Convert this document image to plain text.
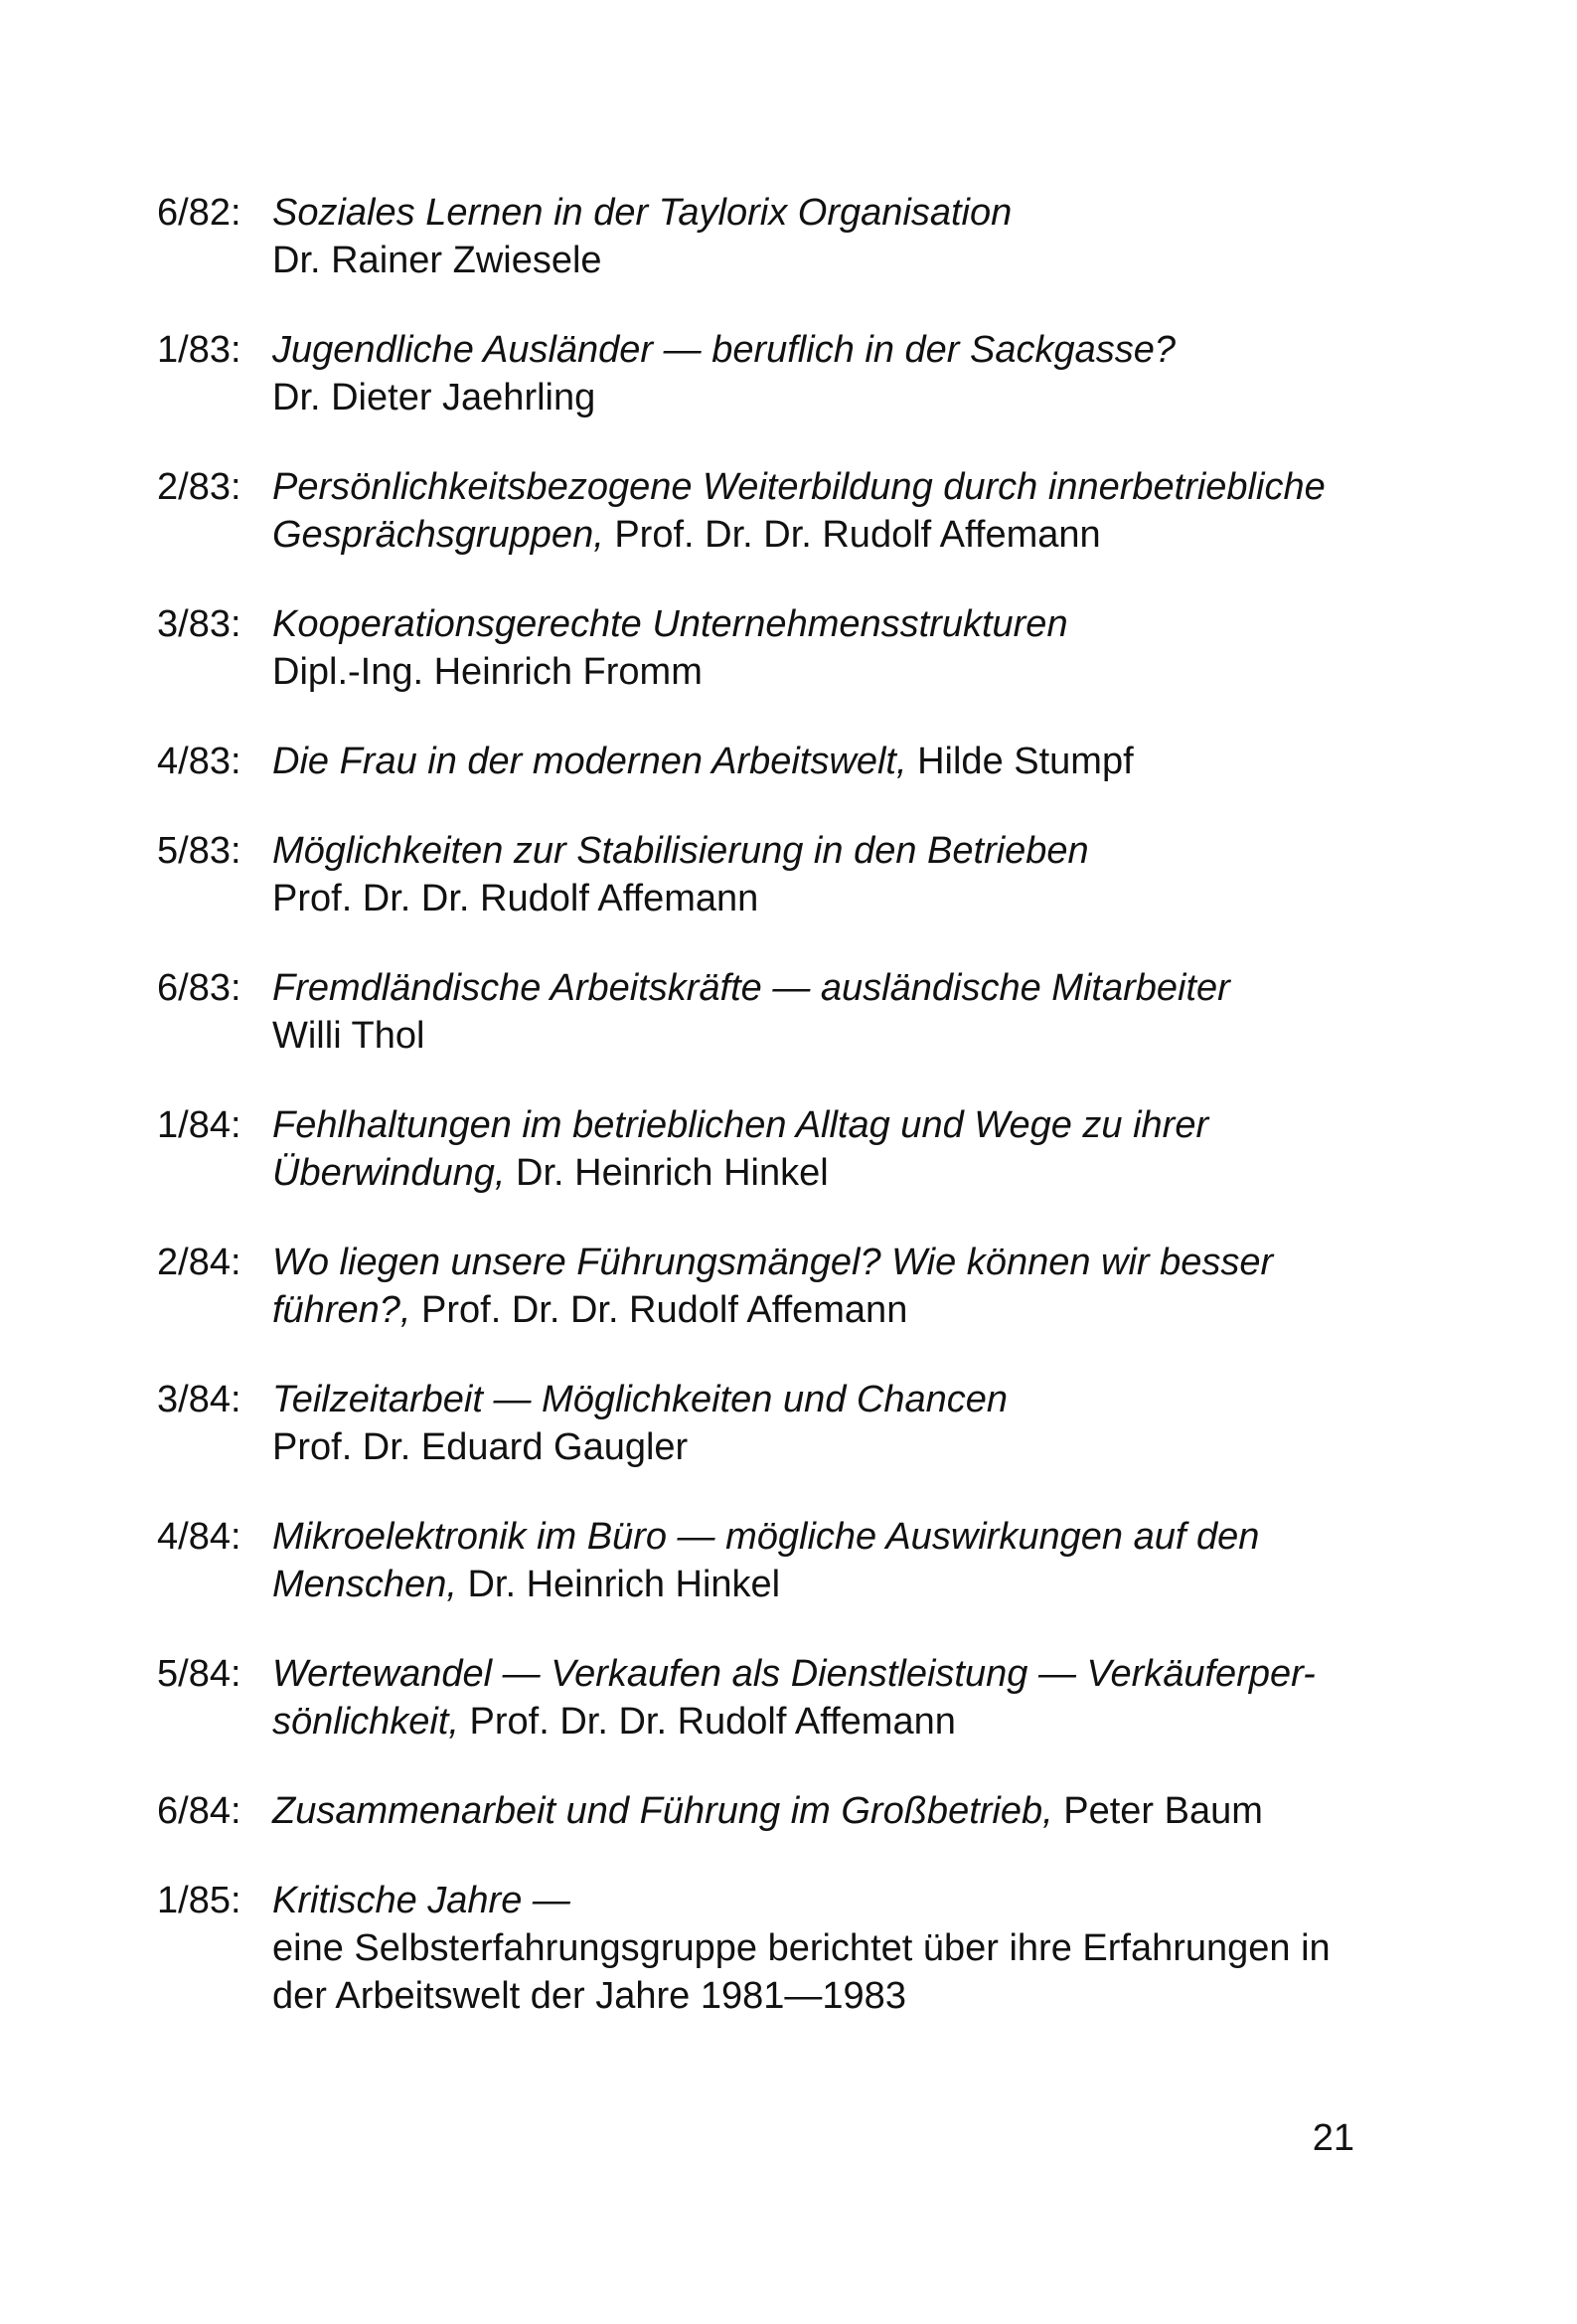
6/82: Soziales Lernen in der Taylorix Organisation
Dr. Rainer Zwiesele
1/83: Jugendliche Ausländer — beruflich in der Sackgasse?
Dr. Dieter Jaehrling
2/83: Persönlichkeitsbezogene Weiterbildung durch innerbetriebliche
Gesprächsgruppen, Prof. Dr. Dr. Rudolf Affemann
3/83: Kooperationsgerechte Unternehmensstrukturen
Dipl.-Ing. Heinrich Fromm
4/83: Die Frau in der modernen Arbeitswelt, Hilde Stumpf
5/83: Möglichkeiten zur Stabilisierung in den Betrieben
Prof. Dr. Dr. Rudolf Affemann
6/83: Fremdländische Arbeitskräfte — ausländische Mitarbeiter
Willi Thol
1/84: Fehlhaltungen im betrieblichen Alltag und Wege zu ihrer
Überwindung, Dr. Heinrich Hinkel
2/84: Wo liegen unsere Führungsmängel? Wie können wir besser
führen?, Prof. Dr. Dr. Rudolf Affemann
3/84: Teilzeitarbeit — Möglichkeiten und Chancen
Prof. Dr. Eduard Gaugler
4/84: Mikroelektronik im Büro — mögliche Auswirkungen auf den
Menschen, Dr. Heinrich Hinkel
5/84: Wertewandel — Verkaufen als Dienstleistung — Verkäuferper-
sönlichkeit, Prof. Dr. Dr. Rudolf Affemann
6/84: Zusammenarbeit und Führung im Großbetrieb, Peter Baum
1/85: Kritische Jahre —
eine Selbsterfahrungsgruppe berichtet über ihre Erfahrungen in
der Arbeitswelt der Jahre 1981—1983
21
